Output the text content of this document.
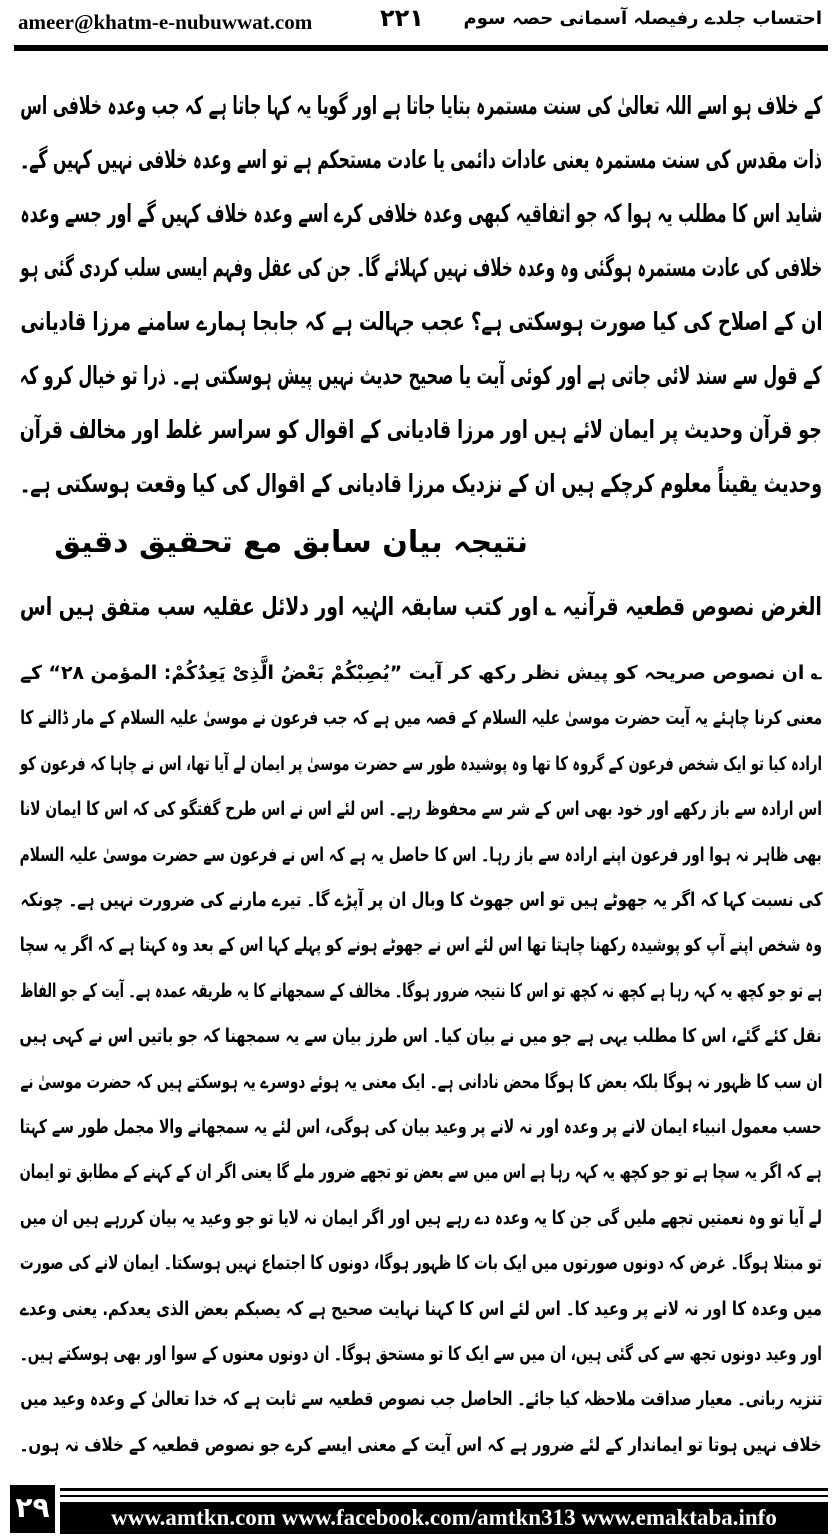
ameer@khatm-e-nubuwwat.com	۲۲۱ احتساب جلدے رفیصلہ آسمانی حصہ سوم
کے خلاف ہو اسے اللہ تعالیٰ کی سنت مستمرہ بتایا جاتا ہے اور گویا یہ کہا جاتا ہے کہ جب وعدہ خلافی اس
ذات مقدس کی سنت مستمرہ یعنی عادات دائمی یا عادت مستحکم ہے تو اسے وعدہ خلافی نہیں کہیں گے۔
شاید اس کا مطلب یہ ہوا کہ جو اتفاقیہ کبھی وعدہ خلافی کرے اسے وعدہ خلاف کہیں گے اور جسے وعدہ
خلافی کی عادت مستمرہ ہوگئی وہ وعدہ خلاف نہیں کہلائے گا۔ جن کی عقل وفہم ایسی سلب کردی گئی ہو
ان کے اصلاح کی کیا صورت ہوسکتی ہے؟ عجب جہالت ہے کہ جابجا ہمارے سامنے مرزا قادیانی
کے قول سے سند لائی جاتی ہے اور کوئی آیت یا صحیح حدیث نہیں پیش ہوسکتی ہے۔ ذرا تو خیال کرو کہ
جو قرآن وحدیث پر ایمان لائے ہیں اور مرزا قادیانی کے اقوال کو سراسر غلط اور مخالف قرآن
وحدیث یقیناً معلوم کرچکے ہیں ان کے نزدیک مرزا قادیانی کے اقوال کی کیا وقعت ہوسکتی ہے۔
نتیجہ بیان سابق مع تحقیق دقیق
الغرض نصوص قطعیہ قرآنیہ ؎ اور کتب سابقہ الہٰیہ اور دلائل عقلیہ سب متفق ہیں اس
؎ ان نصوص صریحہ کو پیش نظر رکھ کر آیت ”یُصِبْکُمْ بَعْضُ الَّذِیْ یَعِدُکُمْ: المؤمن ۲۸“ کے
معنی کرنا چاہئے یہ آیت حضرت موسیٰ علیہ السلام کے قصہ میں ہے کہ جب فرعون نے موسیٰ علیہ السلام کے مار ڈالنے کا
ارادہ کیا تو ایک شخص فرعون کے گروہ کا تھا وہ پوشیدہ طور سے حضرت موسیٰ پر ایمان لے آیا تھا، اس نے چاہا کہ فرعون کو
اس ارادہ سے باز رکھے اور خود بھی اس کے شر سے محفوظ رہے۔ اس لئے اس نے اس طرح گفتگو کی کہ اس کا ایمان لانا
بھی ظاہر نہ ہوا اور فرعون اپنے ارادہ سے باز رہا۔ اس کا حاصل یہ ہے کہ اس نے فرعون سے حضرت موسیٰ علیہ السلام
کی نسبت کہا کہ اگر یہ جھوٹے ہیں تو اس جھوٹ کا وبال ان پر آپڑے گا۔ تیرے مارنے کی ضرورت نہیں ہے۔ چونکہ
وہ شخص اپنے آپ کو پوشیدہ رکھنا چاہتا تھا اس لئے اس نے جھوٹے ہونے کو پہلے کہا اس کے بعد وہ کہتا ہے کہ اگر یہ سچا
ہے تو جو کچھ یہ کہہ رہا ہے کچھ نہ کچھ تو اس کا نتیجہ ضرور ہوگا۔ مخالف کے سمجھانے کا یہ طریقہ عمدہ ہے۔ آیت کے جو الفاظ
نقل کئے گئے، اس کا مطلب یہی ہے جو میں نے بیان کیا۔ اس طرز بیان سے یہ سمجھنا کہ جو باتیں اس نے کہی ہیں
ان سب کا ظہور نہ ہوگا بلکہ بعض کا ہوگا محض نادانی ہے۔ ایک معنی یہ ہوئے دوسرے یہ ہوسکتے ہیں کہ حضرت موسیٰ نے
حسب معمول انبیاء ایمان لانے پر وعدہ اور نہ لانے پر وعید بیان کی ہوگی، اس لئے یہ سمجھانے والا مجمل طور سے کہتا
ہے کہ اگر یہ سچا ہے تو جو کچھ یہ کہہ رہا ہے اس میں سے بعض تو تجھے ضرور ملے گا یعنی اگر ان کے کہنے کے مطابق تو ایمان
لے آیا تو وہ نعمتیں تجھے ملیں گی جن کا یہ وعدہ دے رہے ہیں اور اگر ایمان نہ لایا تو جو وعید یہ بیان کررہے ہیں ان میں
تو مبتلا ہوگا۔ غرض کہ دونوں صورتوں میں ایک بات کا ظہور ہوگا، دونوں کا اجتماع نہیں ہوسکتا۔ ایمان لانے کی صورت
میں وعدہ کا اور نہ لانے پر وعید کا۔ اس لئے اس کا کہنا نہایت صحیح ہے کہ یصبکم بعض الذی یعدکم. یعنی وعدے
اور وعید دونوں تجھ سے کی گئی ہیں، ان میں سے ایک کا تو مستحق ہوگا۔ ان دونوں معنوں کے سوا اور بھی ہوسکتے ہیں۔
تنزیہ ربانی۔ معیار صداقت ملاحظہ کیا جائے۔ الحاصل جب نصوص قطعیہ سے ثابت ہے کہ خدا تعالیٰ کے وعدہ وعید میں
خلاف نہیں ہوتا تو ایماندار کے لئے ضرور ہے کہ اس آیت کے معنی ایسے کرے جو نصوص قطعیہ کے خلاف نہ ہوں۔
۲۹	www.amtkn.com www.facebook.com/amtkn313 www.emaktaba.info
